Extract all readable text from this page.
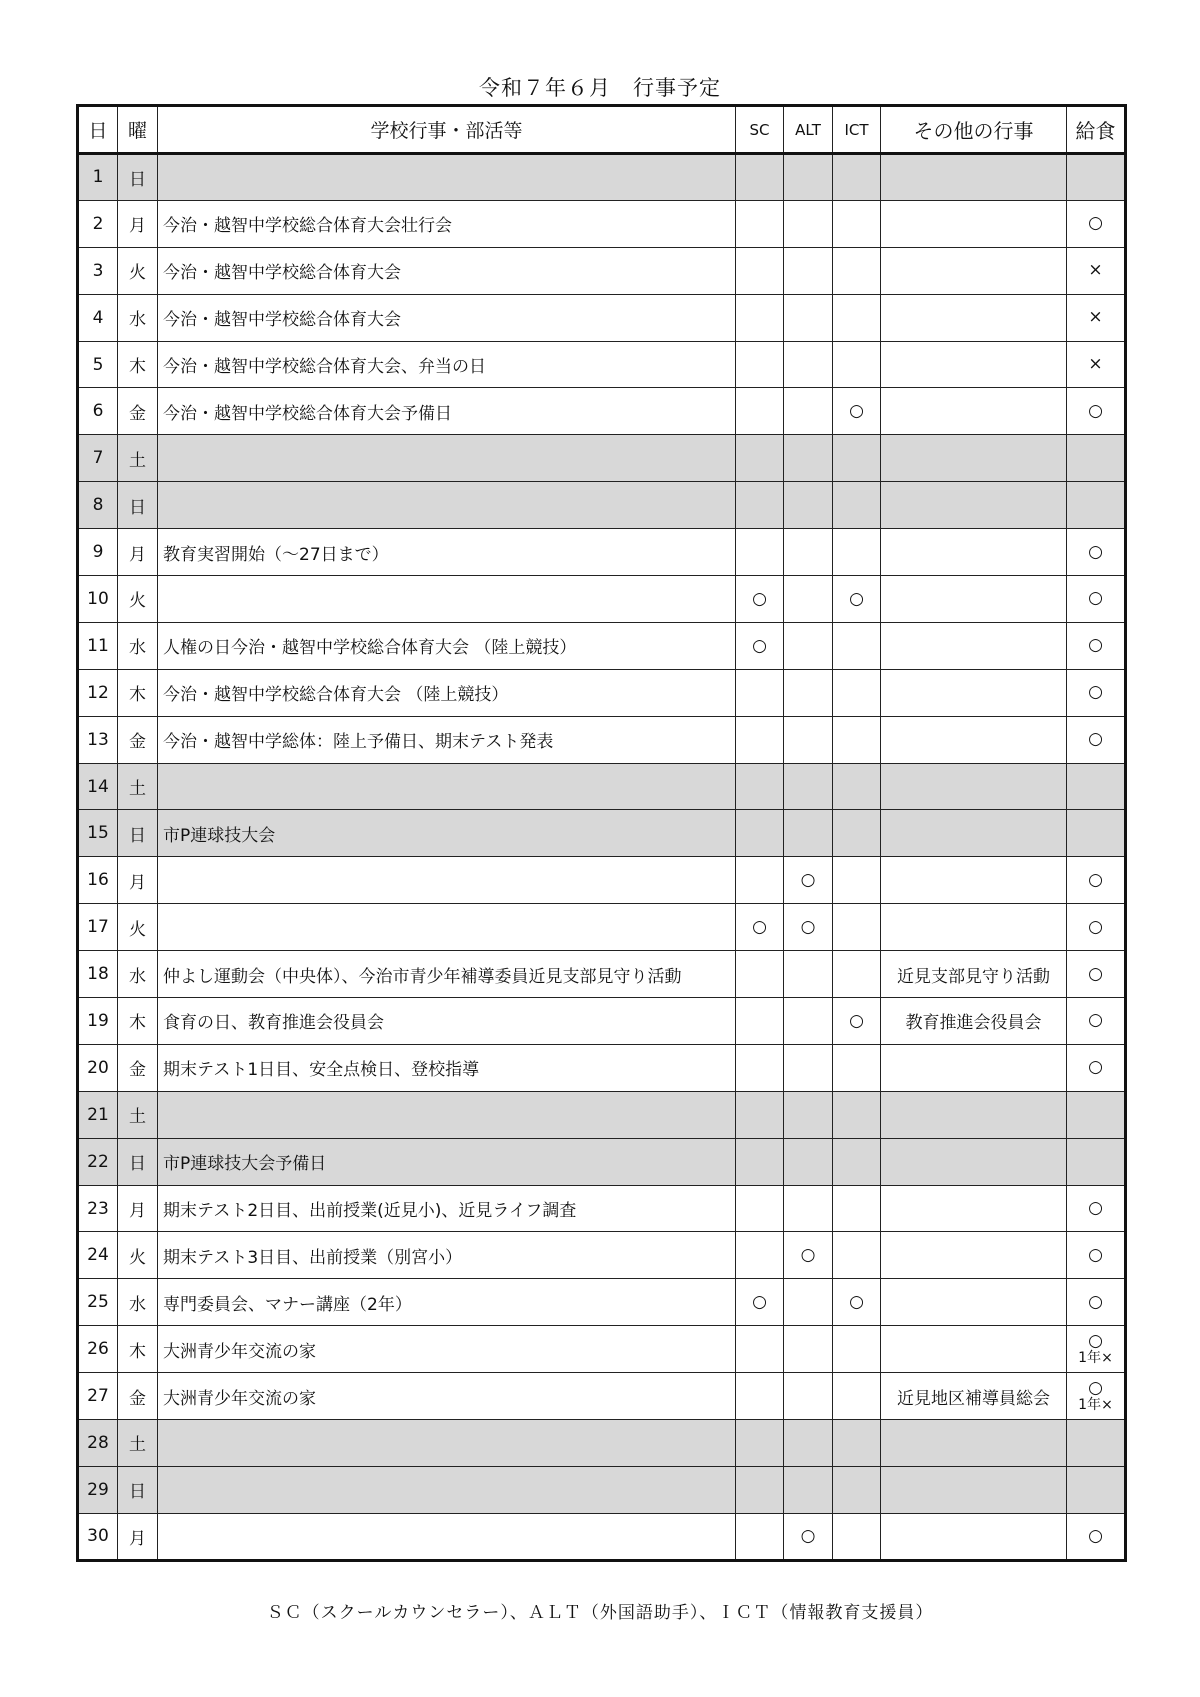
令和７年６月　行事予定
日	曜	学校行事・部活等	SC	ALT	ICT	その他の行事	給食
1	日						

2	月	今治・越智中学校総合体育大会壮行会					○

3	火	今治・越智中学校総合体育大会					×

4	水	今治・越智中学校総合体育大会					×

5	木	今治・越智中学校総合体育大会、弁当の日					×

6	金	今治・越智中学校総合体育大会予備日			○		○

7	土						

8	日						

9	月	教育実習開始（～27日まで）					○

10	火		○		○		○

11	水	人権の日今治・越智中学校総合体育大会 （陸上競技）	○				○

12	木	今治・越智中学校総合体育大会 （陸上競技）					○

13	金	今治・越智中学総体：陸上予備日、期末テスト発表					○

14	土						

15	日	市P連球技大会					

16	月			○			○

17	火		○	○			○

18	水	仲よし運動会（中央体）、今治市青少年補導委員近見支部見守り活動				近見支部見守り活動	○

19	木	食育の日、教育推進会役員会			○	教育推進会役員会	○

20	金	期末テスト1日目、安全点検日、登校指導					○

21	土						

22	日	市P連球技大会予備日					

23	月	期末テスト2日目、出前授業(近見小)、近見ライフ調査					○

24	火	期末テスト3日目、出前授業（別宮小）		○			○

25	水	専門委員会、マナー講座（2年）	○		○		○

26	木	大洲青少年交流の家					○
1年×

27	金	大洲青少年交流の家				近見地区補導員総会	○
1年×

28	土						

29	日						

30	月			○			○
ＳＣ（スクールカウンセラー）、ＡＬＴ（外国語助手）、ＩＣＴ（情報教育支援員）
